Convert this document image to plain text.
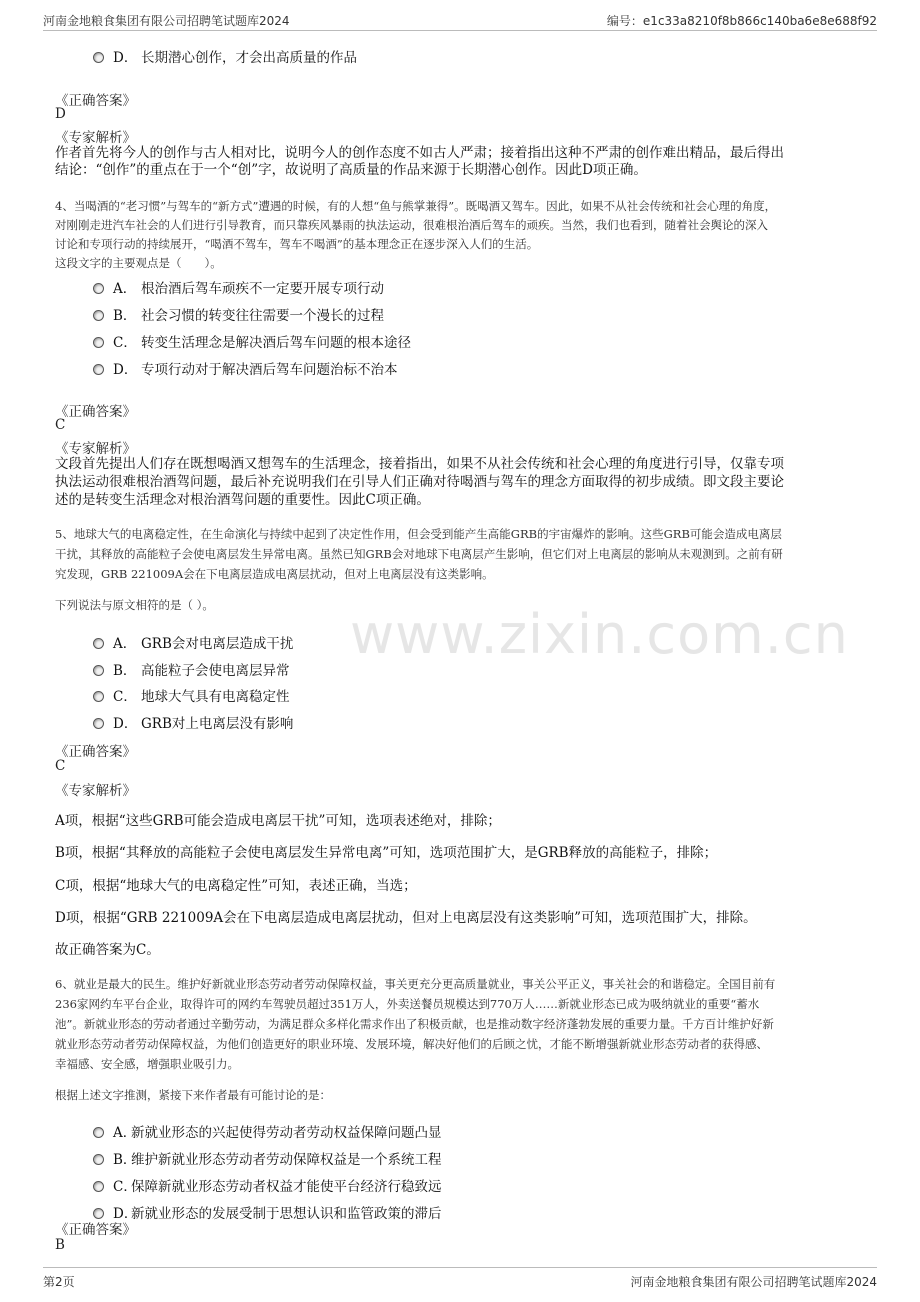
河南金地粮食集团有限公司招聘笔试题库2024	编号：e1c33a8210f8b866c140ba6e8e688f92
www.zixin.com.cn
D． 长期潜心创作，才会出高质量的作品
《正确答案》
D
《专家解析》
作者首先将今人的创作与古人相对比，说明今人的创作态度不如古人严肃；接着指出这种不严肃的创作难出精品，最后得出
结论：“创作”的重点在于一个“创”字，故说明了高质量的作品来源于长期潜心创作。因此D项正确。
4、当喝酒的“老习惯”与驾车的“新方式”遭遇的时候，有的人想“鱼与熊掌兼得”。既喝酒又驾车。因此，如果不从社会传统和社会心理的角度，
对刚刚走进汽车社会的人们进行引导教育，而只靠疾风暴雨的执法运动，很难根治酒后驾车的顽疾。当然，我们也看到，随着社会舆论的深入
讨论和专项行动的持续展开，“喝酒不驾车，驾车不喝酒”的基本理念正在逐步深入人们的生活。
这段文字的主要观点是（　　）。
A． 根治酒后驾车顽疾不一定要开展专项行动
B． 社会习惯的转变往往需要一个漫长的过程
C． 转变生活理念是解决酒后驾车问题的根本途径
D． 专项行动对于解决酒后驾车问题治标不治本
《正确答案》
C
《专家解析》
文段首先提出人们存在既想喝酒又想驾车的生活理念，接着指出，如果不从社会传统和社会心理的角度进行引导，仅靠专项
执法运动很难根治酒驾问题，最后补充说明我们在引导人们正确对待喝酒与驾车的理念方面取得的初步成绩。即文段主要论
述的是转变生活理念对根治酒驾问题的重要性。因此C项正确。
5、地球大气的电离稳定性，在生命演化与持续中起到了决定性作用，但会受到能产生高能GRB的宇宙爆炸的影响。这些GRB可能会造成电离层
干扰，其释放的高能粒子会使电离层发生异常电离。虽然已知GRB会对地球下电离层产生影响，但它们对上电离层的影响从未观测到。之前有研
究发现，GRB 221009A会在下电离层造成电离层扰动，但对上电离层没有这类影响。
下列说法与原文相符的是（ ）。
A． GRB会对电离层造成干扰
B． 高能粒子会使电离层异常
C． 地球大气具有电离稳定性
D． GRB对上电离层没有影响
《正确答案》
C
《专家解析》
A项，根据“这些GRB可能会造成电离层干扰”可知，选项表述绝对，排除；
B项，根据“其释放的高能粒子会使电离层发生异常电离”可知，选项范围扩大，是GRB释放的高能粒子，排除；
C项，根据“地球大气的电离稳定性”可知，表述正确，当选；
D项，根据“GRB 221009A会在下电离层造成电离层扰动，但对上电离层没有这类影响”可知，选项范围扩大，排除。
故正确答案为C。
6、就业是最大的民生。维护好新就业形态劳动者劳动保障权益，事关更充分更高质量就业，事关公平正义，事关社会的和谐稳定。全国目前有
236家网约车平台企业，取得许可的网约车驾驶员超过351万人，外卖送餐员规模达到770万人……新就业形态已成为吸纳就业的重要“蓄水
池”。新就业形态的劳动者通过辛勤劳动，为满足群众多样化需求作出了积极贡献，也是推动数字经济蓬勃发展的重要力量。千方百计维护好新
就业形态劳动者劳动保障权益，为他们创造更好的职业环境、发展环境，解决好他们的后顾之忧，才能不断增强新就业形态劳动者的获得感、
幸福感、安全感，增强职业吸引力。
根据上述文字推测，紧接下来作者最有可能讨论的是：
A．新就业形态的兴起使得劳动者劳动权益保障问题凸显
B．维护新就业形态劳动者劳动保障权益是一个系统工程
C．保障新就业形态劳动者权益才能使平台经济行稳致远
D．新就业形态的发展受制于思想认识和监管政策的滞后
《正确答案》
B
第2页	河南金地粮食集团有限公司招聘笔试题库2024
